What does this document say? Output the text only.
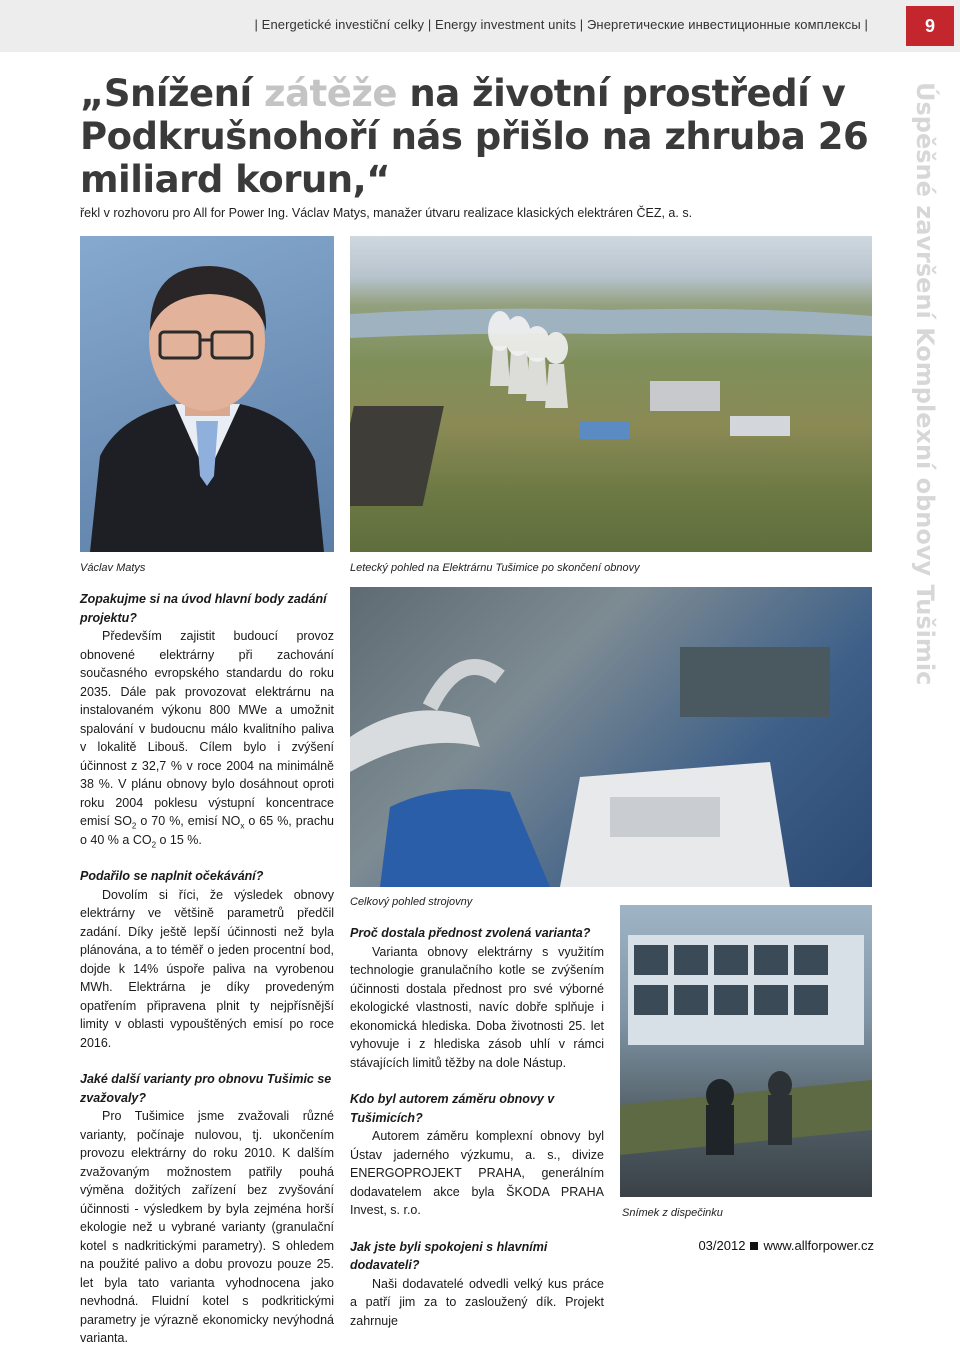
| Energetické investiční celky | Energy investment units | Энергетические инвестиционные комплексы |	9
„Snížení zátěže na životní prostředí v Podkrušnohoří nás přišlo na zhruba 26 miliard korun,“
řekl v rozhovoru pro All for Power Ing. Václav Matys, manažer útvaru realizace klasických elektráren ČEZ, a. s.	Úspěšné završení Komplexní obnovy Tušimic
Václav Matys	Letecký pohled na Elektrárnu Tušimice po skončení obnovy
Celkový pohled strojovny
Snímek z dispečinku

Zopakujme si na úvod hlavní body zadání projektu?

Především zajistit budoucí provoz obnovené elektrárny při zachování současného evropského standardu do roku 2035. Dále pak provozovat elektrárnu na instalovaném výkonu 800 MWe a umožnit spalování v budoucnu málo kvalitního paliva v lokalitě Libouš. Cílem bylo i zvýšení účinnost z 32,7 % v roce 2004 na minimálně 38 %. V plánu obnovy bylo dosáhnout oproti roku 2004 poklesu výstupní koncentrace emisí $SO_2$ o 70 %, emisí $NO_x$ o 65 %, prachu o 40 % a $CO_2$ o 15 %.

Podařilo se naplnit očekávání?

Dovolím si říci, že výsledek obnovy elektrárny ve většině parametrů předčil zadání. Díky ještě lepší účinnosti než byla plánována, a to téměř o jeden procentní bod, dojde k 14% úspoře paliva na vyrobenou MWh. Elektrárna je díky provedeným opatřením připravena plnit ty nejpřísnější limity v oblasti vypouštěných emisí po roce 2016.

Jaké další varianty pro obnovu Tušimic se zvažovaly?

Pro Tušimice jsme zvažovali různé varianty, počínaje nulovou, tj. ukončením provozu elektrárny do roku 2010. K dalším zvažovaným možnostem patřily pouhá výměna dožitých zařízení bez zvyšování účinnosti - výsledkem by byla zejména horší ekologie než u vybrané varianty (granulační kotel s nadkritickými parametry). S ohledem na použité palivo a dobu provozu pouze 25. let byla tato varianta vyhodnocena jako nevhodná. Fluidní kotel s podkritickými parametry je výrazně ekonomicky nevýhodná varianta.

Proč dostala přednost zvolená varianta?

Varianta obnovy elektrárny s využitím technologie granulačního kotle se zvýšením účinnosti dostala přednost pro své výborné ekologické vlastnosti, navíc dobře splňuje i ekonomická hlediska. Doba životnosti 25. let vyhovuje i z hlediska zásob uhlí v rámci stávajících limitů těžby na dole Nástup.

Kdo byl autorem záměru obnovy v Tušimicích?

Autorem záměru komplexní obnovy byl Ústav jaderného výzkumu, a. s., divize ENERGOPROJEKT PRAHA, generálním dodavatelem akce byla ŠKODA PRAHA Invest, s. r.o.

Jak jste byli spokojeni s hlavními dodavateli?

Naši dodavatelé odvedli velký kus práce a patří jim za to zasloužený dík. Projekt zahrnuje

03/2012 www.allforpower.cz
